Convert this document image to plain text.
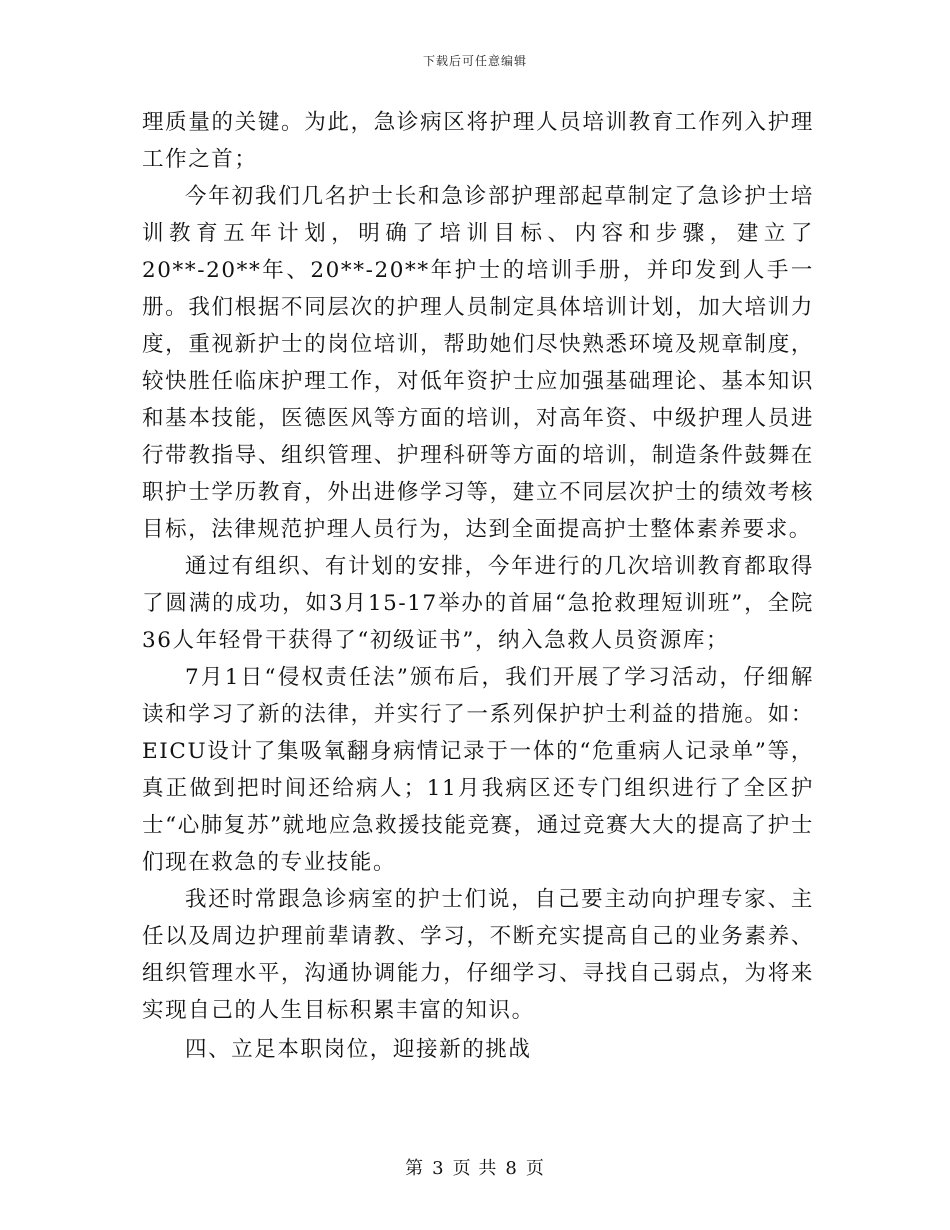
下载后可任意编辑

理质量的关键。为此，急诊病区将护理人员培训教育工作列入护理工作之首；

今年初我们几名护士长和急诊部护理部起草制定了急诊护士培训教育五年计划，明确了培训目标、内容和步骤，建立了20**-20**年、20**-20**年护士的培训手册，并印发到人手一册。我们根据不同层次的护理人员制定具体培训计划，加大培训力度，重视新护士的岗位培训，帮助她们尽快熟悉环境及规章制度，较快胜任临床护理工作，对低年资护士应加强基础理论、基本知识和基本技能，医德医风等方面的培训，对高年资、中级护理人员进行带教指导、组织管理、护理科研等方面的培训，制造条件鼓舞在职护士学历教育，外出进修学习等，建立不同层次护士的绩效考核目标，法律规范护理人员行为，达到全面提高护士整体素养要求。

通过有组织、有计划的安排，今年进行的几次培训教育都取得了圆满的成功，如3月15-17举办的首届“急抢救理短训班”，全院36人年轻骨干获得了“初级证书”，纳入急救人员资源库；

7月1日“侵权责任法”颁布后，我们开展了学习活动，仔细解读和学习了新的法律，并实行了一系列保护护士利益的措施。如：EICU设计了集吸氧翻身病情记录于一体的“危重病人记录单”等，真正做到把时间还给病人；11月我病区还专门组织进行了全区护士“心肺复苏”就地应急救援技能竞赛，通过竞赛大大的提高了护士们现在救急的专业技能。

我还时常跟急诊病室的护士们说，自己要主动向护理专家、主任以及周边护理前辈请教、学习，不断充实提高自己的业务素养、组织管理水平，沟通协调能力，仔细学习、寻找自己弱点，为将来实现自己的人生目标积累丰富的知识。

四、立足本职岗位，迎接新的挑战

第 3 页 共 8 页
